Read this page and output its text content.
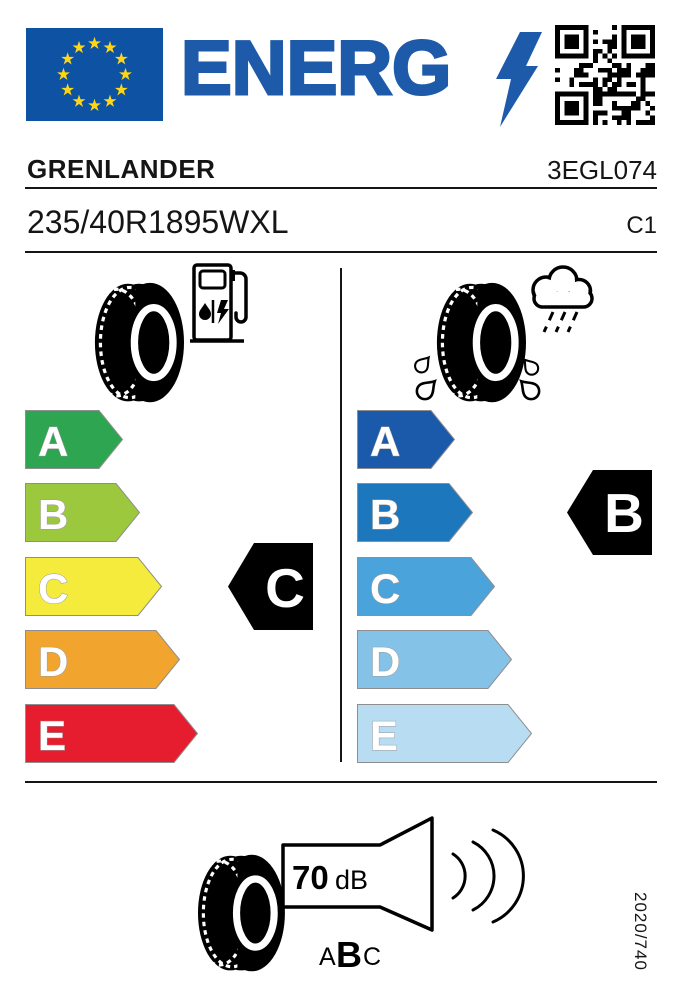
ENERG
GRENLANDER	3EGL074
235/40R1895WXL	C1
A
B
C
D
E
A
B
C
D
E
C
B
70 dB
A B C	2020/740
